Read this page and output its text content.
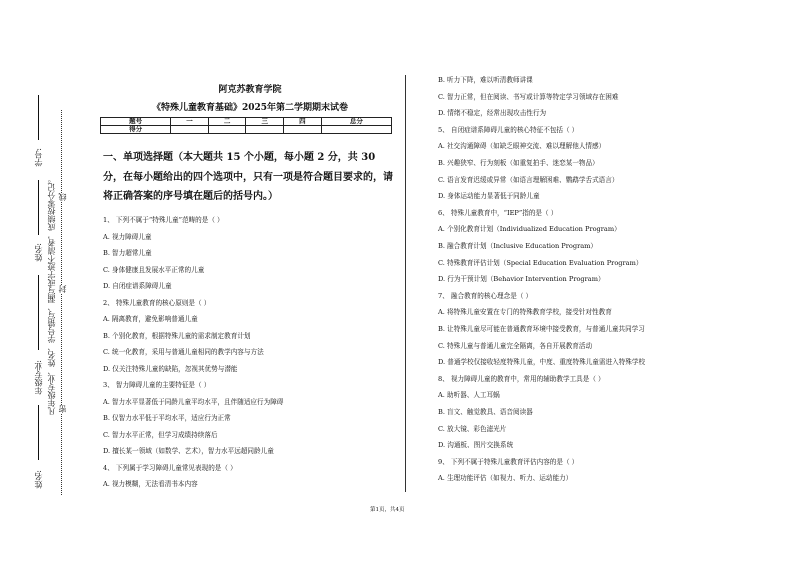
姓名:
年级专业:
姓名:
学号:
凡年级专业、姓名、学号错写、漏写或字迹不清者，成绩按零分记。 密
封
线
阿克苏教育学院
《特殊儿童教育基础》2025年第二学期期末试卷
题号	一	二	三	四	总分
得分					
一、单项选择题（本大题共 15 个小题，每小题 2 分，共 30 分，在每小题给出的四个选项中，只有一项是符合题目要求的，请将正确答案的序号填在题后的括号内。）
1、 下列不属于“特殊儿童”范畴的是（ ）
A. 视力障碍儿童
B. 智力超常儿童
C. 身体健康且发展水平正常的儿童
D. 自闭症谱系障碍儿童
2、 特殊儿童教育的核心原则是（ ）
A. 隔离教育，避免影响普通儿童
B. 个别化教育，根据特殊儿童的需求制定教育计划
C. 统一化教育，采用与普通儿童相同的教学内容与方法
D. 仅关注特殊儿童的缺陷，忽视其优势与潜能
3、 智力障碍儿童的主要特征是（ ）
A. 智力水平显著低于同龄儿童平均水平，且伴随适应行为障碍
B. 仅智力水平低于平均水平，适应行为正常
C. 智力水平正常，但学习成绩持续落后
D. 擅长某一领域（如数学、艺术），智力水平远超同龄儿童
4、 下列属于学习障碍儿童常见表现的是（ ）
A. 视力模糊，无法看清书本内容
B. 听力下降，难以听清教师讲课
C. 智力正常，但在阅读、书写或计算等特定学习领域存在困难
D. 情绪不稳定，经常出现攻击性行为
5、 自闭症谱系障碍儿童的核心特征不包括（ ）
A. 社交沟通障碍（如缺乏眼神交流、难以理解他人情感）
B. 兴趣狭窄、行为刻板（如重复拍手、迷恋某一物品）
C. 语言发育迟缓或异常（如语言理解困难、鹦鹉学舌式语言）
D. 身体运动能力显著低于同龄儿童
6、 特殊儿童教育中，“IEP”指的是（ ）
A. 个别化教育计划（Individualized Education Program）
B. 融合教育计划（Inclusive Education Program）
C. 特殊教育评估计划（Special Education Evaluation Program）
D. 行为干预计划（Behavior Intervention Program）
7、 融合教育的核心理念是（ ）
A. 将特殊儿童安置在专门的特殊教育学校，接受针对性教育
B. 让特殊儿童尽可能在普通教育环境中接受教育，与普通儿童共同学习
C. 特殊儿童与普通儿童完全隔离，各自开展教育活动
D. 普通学校仅接收轻度特殊儿童，中度、重度特殊儿童需进入特殊学校
8、 视力障碍儿童的教育中，常用的辅助教学工具是（ ）
A. 助听器、人工耳蜗
B. 盲文、触觉教具、语音阅读器
C. 放大镜、彩色滤光片
D. 沟通板、图片交换系统
9、 下列不属于特殊儿童教育评估内容的是（ ）
A. 生理功能评估（如视力、听力、运动能力）
第1页，共4页
